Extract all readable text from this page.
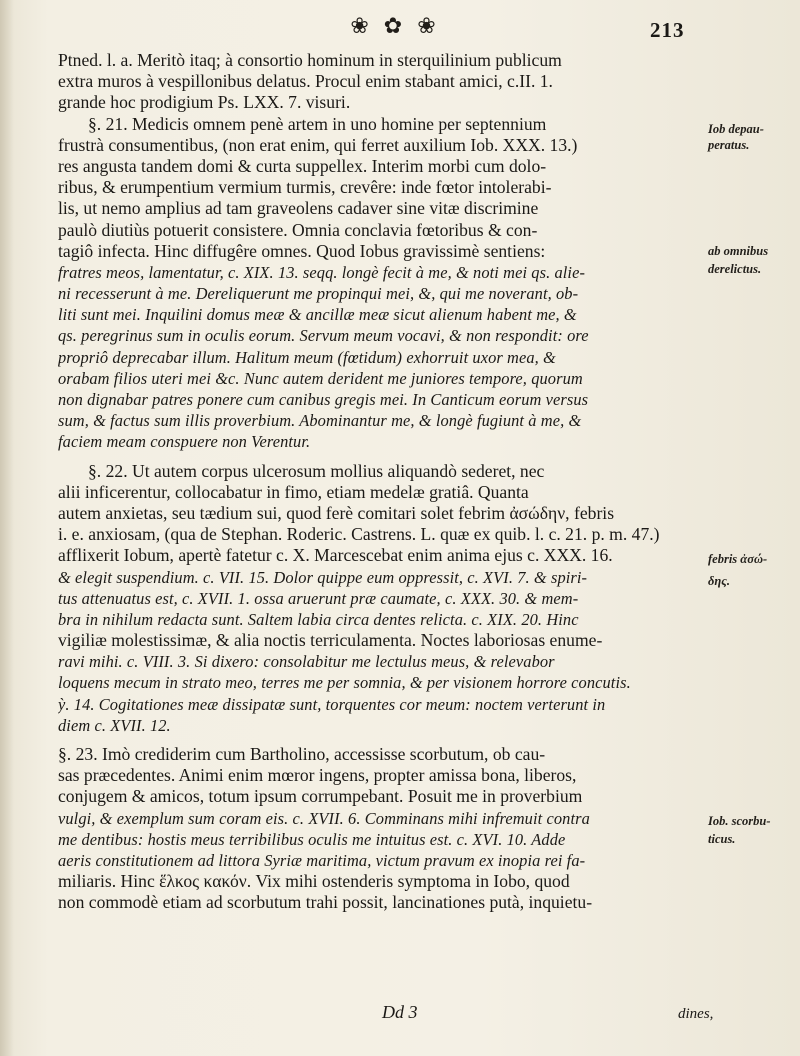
❀ ✿ ❀	213
Ptned. l. a. Meritò itaq; à consortio hominum in sterquilinium publicum
extra muros à vespillonibus delatus. Procul enim stabant amici, c.II. 1.
grande hoc prodigium Ps. LXX. 7. visuri.
§. 21. Medicis omnem penè artem in uno homine per septennium
frustrà consumentibus, (non erat enim, qui ferret auxilium Iob. XXX. 13.)
res angusta tandem domi & curta suppellex. Interim morbi cum dolo-
ribus, & erumpentium vermium turmis, crevêre: inde fœtor intolerabi-
lis, ut nemo amplius ad tam graveolens cadaver sine vitæ discrimine
paulò diutiùs potuerit consistere. Omnia conclavia fœtoribus & con-
tagiô infecta. Hinc diffugêre omnes. Quod Iobus gravissimè sentiens:
fratres meos, lamentatur, c. XIX. 13. seqq. longè fecit à me, & noti mei qs. alie-
ni recesserunt à me. Dereliquerunt me propinqui mei, &, qui me noverant, ob-
liti sunt mei. Inquilini domus meæ & ancillæ meæ sicut alienum habent me, &
qs. peregrinus sum in oculis eorum. Servum meum vocavi, & non respondit: ore
propriô deprecabar illum. Halitum meum (fœtidum) exhorruit uxor mea, &
orabam filios uteri mei &c. Nunc autem derident me juniores tempore, quorum
non dignabar patres ponere cum canibus gregis mei. In Canticum eorum versus
sum, & factus sum illis proverbium. Abominantur me, & longè fugiunt à me, &
faciem meam conspuere non Verentur.
§. 22. Ut autem corpus ulcerosum mollius aliquandò sederet, nec
alii inficerentur, collocabatur in fimo, etiam medelæ gratiâ. Quanta
autem anxietas, seu tædium sui, quod ferè comitari solet febrim ἀσώδην, febris
i. e. anxiosam, (qua de Stephan. Roderic. Castrens. L. quæ ex quib. l. c. 21. p. m. 47.)
afflixerit Iobum, apertè fatetur c. X. Marcescebat enim anima ejus c. XXX. 16.
& elegit suspendium. c. VII. 15. Dolor quippe eum oppressit, c. XVI. 7. & spiri-
tus attenuatus est, c. XVII. 1. ossa aruerunt præ caumate, c. XXX. 30. & mem-
bra in nihilum redacta sunt. Saltem labia circa dentes relicta. c. XIX. 20. Hinc
vigiliæ molestissimæ, & alia noctis terriculamenta. Noctes laboriosas enume-
ravi mihi. c. VIII. 3. Si dixero: consolabitur me lectulus meus, & relevabor
loquens mecum in strato meo, terres me per somnia, & per visionem horrore concutis.
ỳ. 14. Cogitationes meæ dissipatæ sunt, torquentes cor meum: noctem verterunt in
diem c. XVII. 12.
§. 23. Imò crediderim cum Bartholino, accessisse scorbutum, ob cau-
sas præcedentes. Animi enim mœror ingens, propter amissa bona, liberos,
conjugem & amicos, totum ipsum corrumpebant. Posuit me in proverbium
vulgi, & exemplum sum coram eis. c. XVII. 6. Comminans mihi infremuit contra
me dentibus: hostis meus terribilibus oculis me intuitus est. c. XVI. 10. Adde
aeris constitutionem ad littora Syriæ maritima, victum pravum ex inopia rei fa-
miliaris. Hinc ἕλκος κακόν. Vix mihi ostenderis symptoma in Iobo, quod
non commodè etiam ad scorbutum trahi possit, lancinationes putà, inquietu-
Iob depau-
peratus.
ab omnibus
derelictus.
febris ἀσώ-
δης.
Iob. scorbu-
ticus.
Dd 3	dines,
